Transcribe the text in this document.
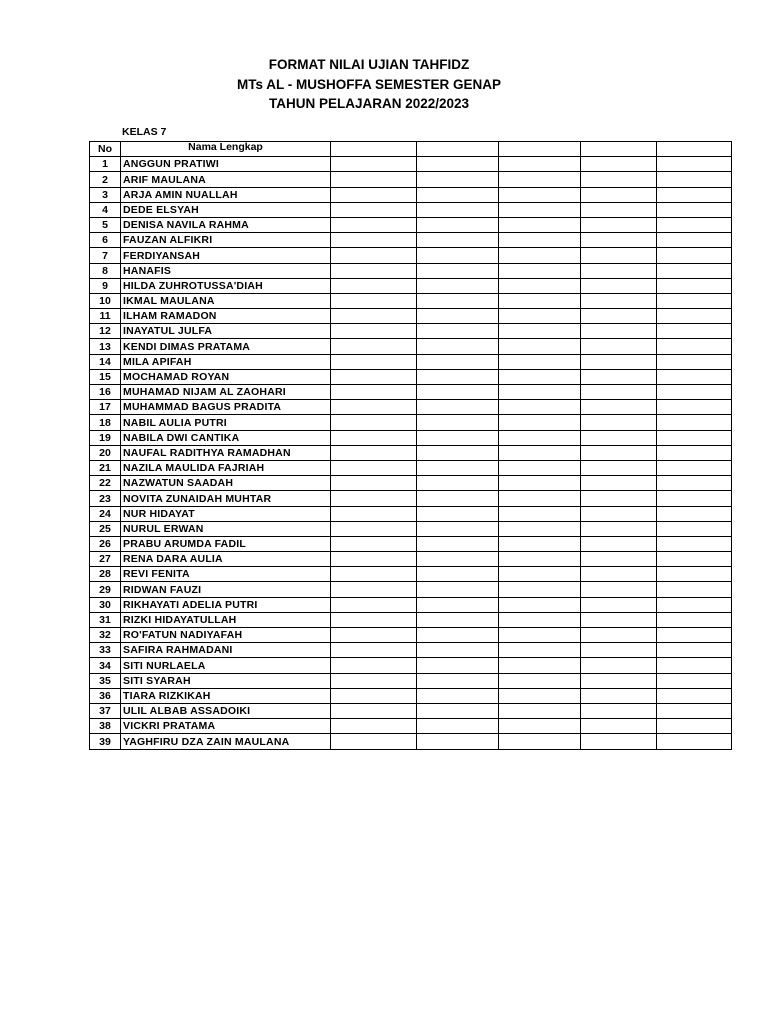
FORMAT NILAI UJIAN TAHFIDZ
MTs AL - MUSHOFFA SEMESTER GENAP
TAHUN PELAJARAN 2022/2023
KELAS 7
No	Nama Lengkap					
1	ANGGUN PRATIWI					
2	ARIF MAULANA					
3	ARJA AMIN NUALLAH					
4	DEDE ELSYAH					
5	DENISA NAVILA RAHMA					
6	FAUZAN ALFIKRI					
7	FERDIYANSAH					
8	HANAFIS					
9	HILDA ZUHROTUSSA'DIAH					
10	IKMAL MAULANA					
11	ILHAM RAMADON					
12	INAYATUL JULFA					
13	KENDI DIMAS PRATAMA					
14	MILA APIFAH					
15	MOCHAMAD ROYAN					
16	MUHAMAD NIJAM AL ZAOHARI					
17	MUHAMMAD BAGUS PRADITA					
18	NABIL AULIA PUTRI					
19	NABILA DWI CANTIKA					
20	NAUFAL RADITHYA RAMADHAN					
21	NAZILA MAULIDA FAJRIAH					
22	NAZWATUN SAADAH					
23	NOVITA ZUNAIDAH MUHTAR					
24	NUR HIDAYAT					
25	NURUL ERWAN					
26	PRABU ARUMDA FADIL					
27	RENA DARA AULIA					
28	REVI FENITA					
29	RIDWAN FAUZI					
30	RIKHAYATI ADELIA PUTRI					
31	RIZKI HIDAYATULLAH					
32	RO'FATUN NADIYAFAH					
33	SAFIRA RAHMADANI					
34	SITI NURLAELA					
35	SITI SYARAH					
36	TIARA RIZKIKAH					
37	ULIL ALBAB ASSADOIKI					
38	VICKRI PRATAMA					
39	YAGHFIRU DZA ZAIN MAULANA					
